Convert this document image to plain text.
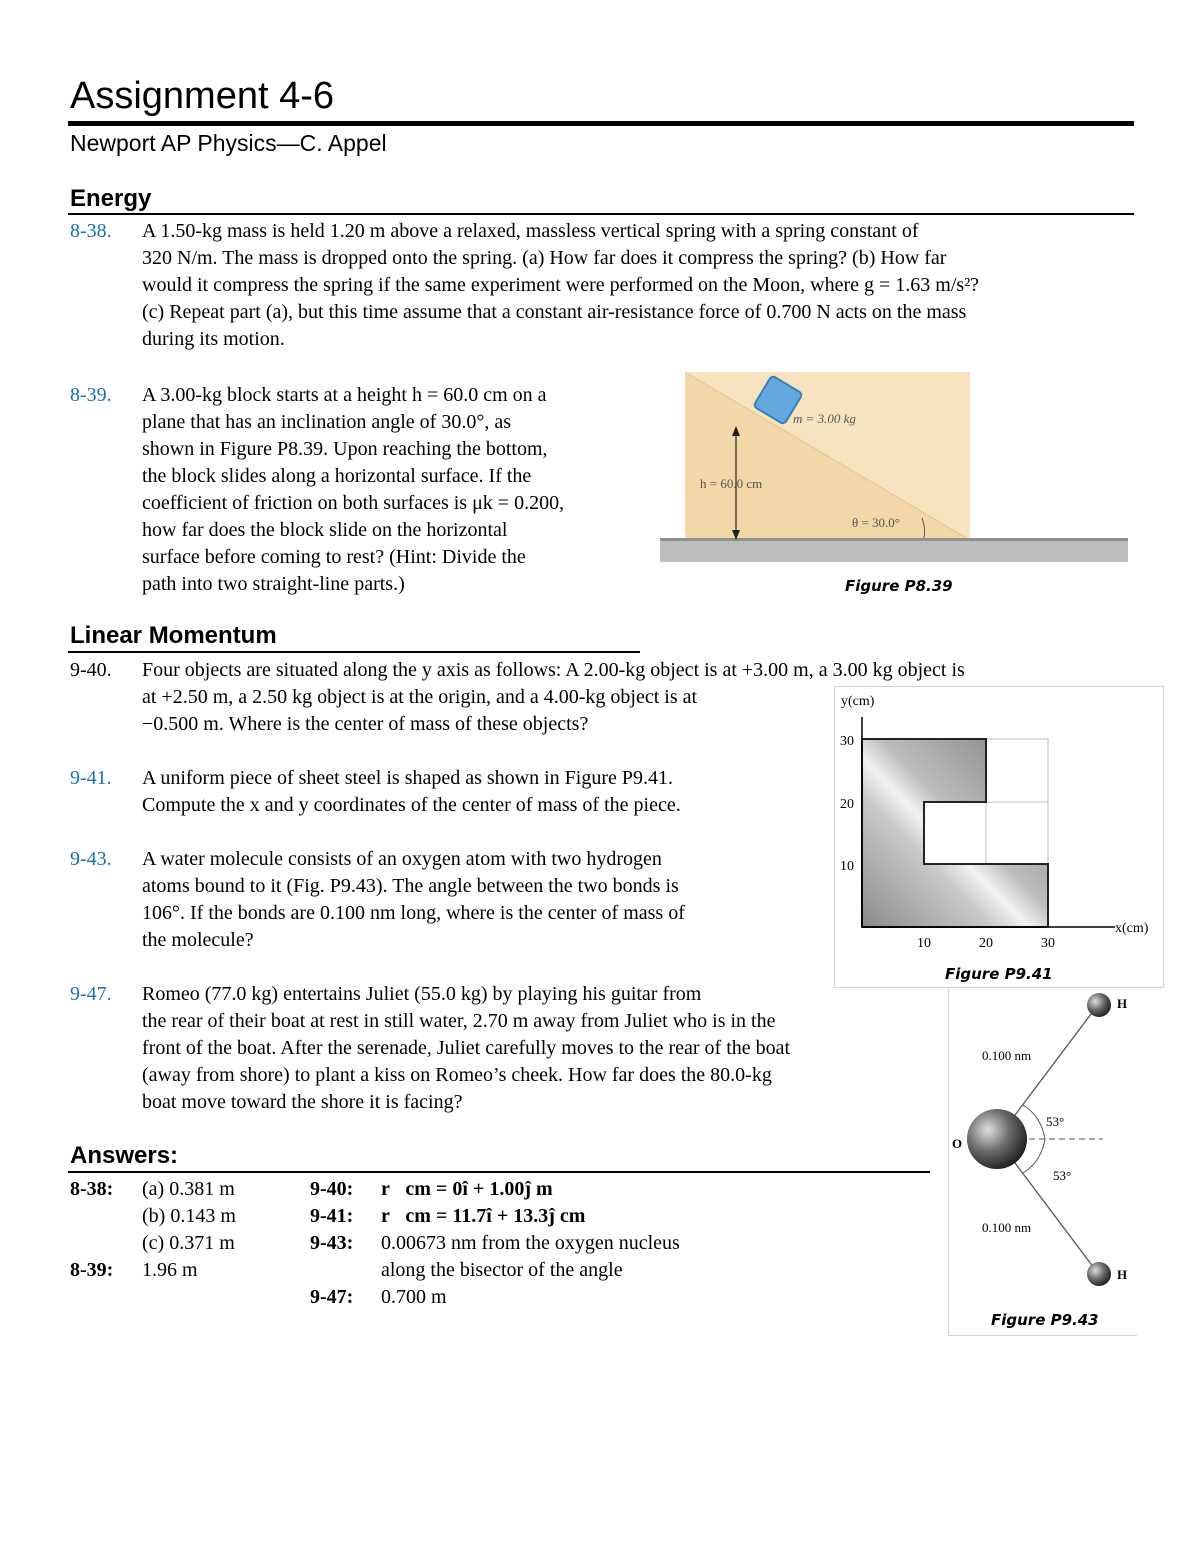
Assignment 4-6
Newport AP Physics—C. Appel
Energy
8-38. A 1.50-kg mass is held 1.20 m above a relaxed, massless vertical spring with a spring constant of
320 N/m. The mass is dropped onto the spring. (a) How far does it compress the spring? (b) How far
would it compress the spring if the same experiment were performed on the Moon, where g = 1.63 m/s²?
(c) Repeat part (a), but this time assume that a constant air-resistance force of 0.700 N acts on the mass
during its motion.
8-39. A 3.00-kg block starts at a height h = 60.0 cm on a
plane that has an inclination angle of 30.0°, as
shown in Figure P8.39. Upon reaching the bottom,
the block slides along a horizontal surface. If the
coefficient of friction on both surfaces is μk = 0.200,
how far does the block slide on the horizontal
surface before coming to rest? (Hint: Divide the
path into two straight-line parts.)
m = 3.00 kg
h = 60.0 cm
θ = 30.0°
Figure P8.39
Linear Momentum
9-40. Four objects are situated along the y axis as follows: A 2.00-kg object is at +3.00 m, a 3.00 kg object is
at +2.50 m, a 2.50 kg object is at the origin, and a 4.00-kg object is at
−0.500 m. Where is the center of mass of these objects?
9-41. A uniform piece of sheet steel is shaped as shown in Figure P9.41.
Compute the x and y coordinates of the center of mass of the piece.
9-43. A water molecule consists of an oxygen atom with two hydrogen
atoms bound to it (Fig. P9.43). The angle between the two bonds is
106°. If the bonds are 0.100 nm long, where is the center of mass of
the molecule?
y(cm)
x(cm)
30
20
10
10	20	30
Figure P9.41
9-47. Romeo (77.0 kg) entertains Juliet (55.0 kg) by playing his guitar from
the rear of their boat at rest in still water, 2.70 m away from Juliet who is in the
front of the boat. After the serenade, Juliet carefully moves to the rear of the boat
(away from shore) to plant a kiss on Romeo’s cheek. How far does the 80.0-kg
boat move toward the shore it is facing?
H
H
O
0.100 nm
0.100 nm
53°
53°
Figure P9.43
Answers:
8-38: (a) 0.381 m
(b) 0.143 m
(c) 0.371 m
8-39: 1.96 m
9-40: r⃗cm = 0î + 1.00ĵ m
9-41: r⃗cm = 11.7î + 13.3ĵ cm
9-43: 0.00673 nm from the oxygen nucleus
along the bisector of the angle
9-47: 0.700 m
